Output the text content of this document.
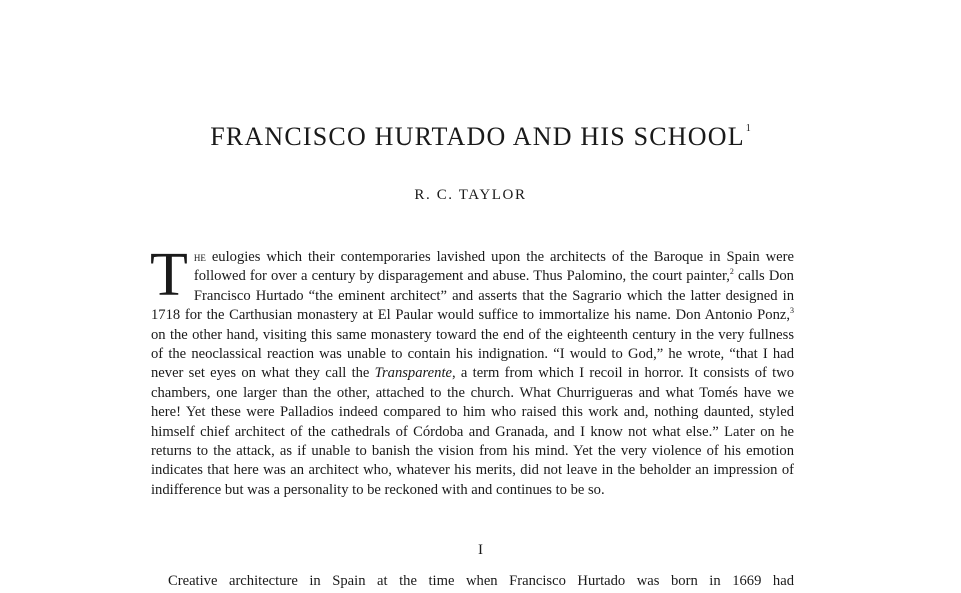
FRANCISCO HURTADO AND HIS SCHOOL$^1$

R. C. TAYLOR

The eulogies which their contemporaries lavished upon the architects of the Baroque in Spain were followed for over a century by disparagement and abuse. Thus Palomino, the court painter,$^2$ calls Don Francisco Hurtado “the eminent architect” and asserts that the Sagrario which the latter designed in 1718 for the Carthusian monastery at El Paular would suffice to immortalize his name. Don Antonio Ponz,$^3$ on the other hand, visiting this same monastery toward the end of the eighteenth century in the very fullness of the neoclassical reaction was unable to contain his indignation. “I would to God,” he wrote, “that I had never set eyes on what they call the Transparente, a term from which I recoil in horror. It consists of two chambers, one larger than the other, attached to the church. What Churrigueras and what Tomés have we here! Yet these were Palladios indeed compared to him who raised this work and, nothing daunted, styled himself chief architect of the cathedrals of Córdoba and Granada, and I know not what else.” Later on he returns to the attack, as if unable to banish the vision from his mind. Yet the very violence of his emotion indicates that here was an architect who, whatever his merits, did not leave in the beholder an impression of indifference but was a personality to be reckoned with and continues to be so.

I

Creative architecture in Spain at the time when Francisco Hurtado was born in 1669 had
